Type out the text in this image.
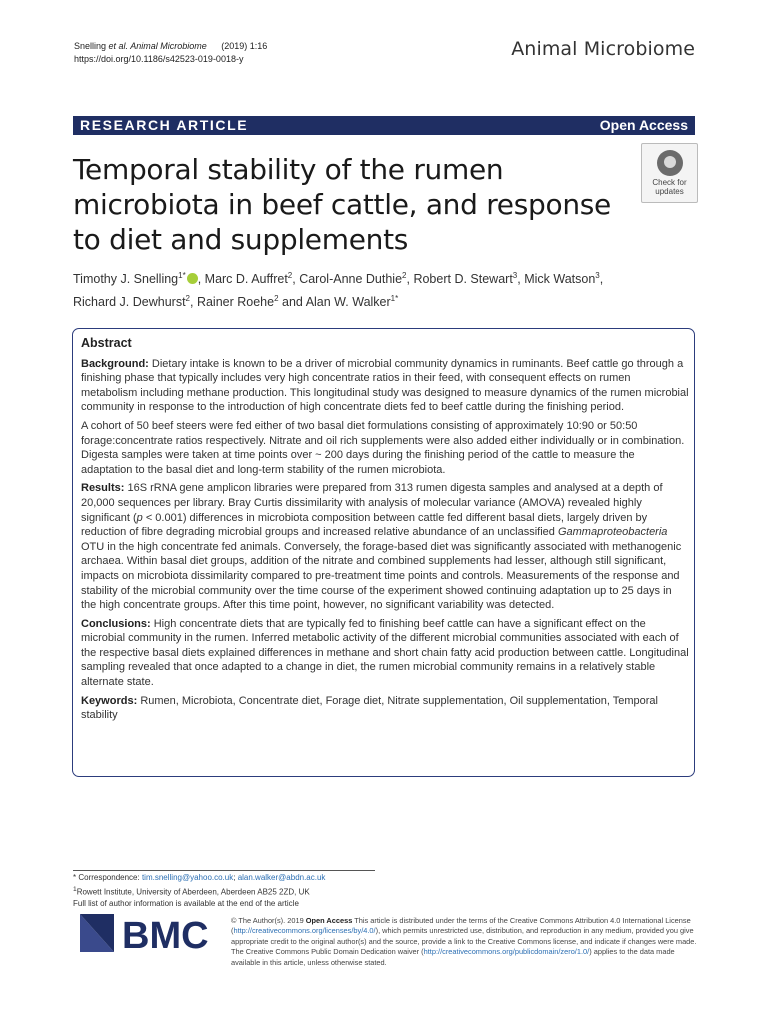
Snelling et al. Animal Microbiome (2019) 1:16
https://doi.org/10.1186/s42523-019-0018-y	Animal Microbiome
RESEARCH ARTICLE	Open Access
Temporal stability of the rumen microbiota in beef cattle, and response to diet and supplements
Check for
updates
Timothy J. Snelling$^{1*}$ , Marc D. Auffret$^2$, Carol-Anne Duthie$^2$, Robert D. Stewart$^3$, Mick Watson$^3$,
Richard J. Dewhurst$^2$, Rainer Roehe$^2$ and Alan W. Walker$^{1*}$
Abstract

Background: Dietary intake is known to be a driver of microbial community dynamics in ruminants. Beef cattle go through a finishing phase that typically includes very high concentrate ratios in their feed, with consequent effects on rumen metabolism including methane production. This longitudinal study was designed to measure dynamics of the rumen microbial community in response to the introduction of high concentrate diets fed to beef cattle during the finishing period.

A cohort of 50 beef steers were fed either of two basal diet formulations consisting of approximately 10:90 or 50:50 forage:concentrate ratios respectively. Nitrate and oil rich supplements were also added either individually or in combination. Digesta samples were taken at time points over ~ 200 days during the finishing period of the cattle to measure the adaptation to the basal diet and long-term stability of the rumen microbiota.

Results: 16S rRNA gene amplicon libraries were prepared from 313 rumen digesta samples and analysed at a depth of 20,000 sequences per library. Bray Curtis dissimilarity with analysis of molecular variance (AMOVA) revealed highly significant (p < 0.001) differences in microbiota composition between cattle fed different basal diets, largely driven by reduction of fibre degrading microbial groups and increased relative abundance of an unclassified Gammaproteobacteria OTU in the high concentrate fed animals. Conversely, the forage-based diet was significantly associated with methanogenic archaea. Within basal diet groups, addition of the nitrate and combined supplements had lesser, although still significant, impacts on microbiota dissimilarity compared to pre-treatment time points and controls. Measurements of the response and stability of the microbial community over the time course of the experiment showed continuing adaptation up to 25 days in the high concentrate groups. After this time point, however, no significant variability was detected.

Conclusions: High concentrate diets that are typically fed to finishing beef cattle can have a significant effect on the microbial community in the rumen. Inferred metabolic activity of the different microbial communities associated with each of the respective basal diets explained differences in methane and short chain fatty acid production between cattle. Longitudinal sampling revealed that once adapted to a change in diet, the rumen microbial community remains in a relatively stable alternate state.

Keywords: Rumen, Microbiota, Concentrate diet, Forage diet, Nitrate supplementation, Oil supplementation, Temporal stability

* Correspondence: tim.snelling@yahoo.co.uk; alan.walker@abdn.ac.uk
$^1$Rowett Institute, University of Aberdeen, Aberdeen AB25 2ZD, UK
Full list of author information is available at the end of the article
BMC	© The Author(s). 2019 Open Access This article is distributed under the terms of the Creative Commons Attribution 4.0 International License (http://creativecommons.org/licenses/by/4.0/), which permits unrestricted use, distribution, and reproduction in any medium, provided you give appropriate credit to the original author(s) and the source, provide a link to the Creative Commons license, and indicate if changes were made. The Creative Commons Public Domain Dedication waiver (http://creativecommons.org/publicdomain/zero/1.0/) applies to the data made available in this article, unless otherwise stated.
